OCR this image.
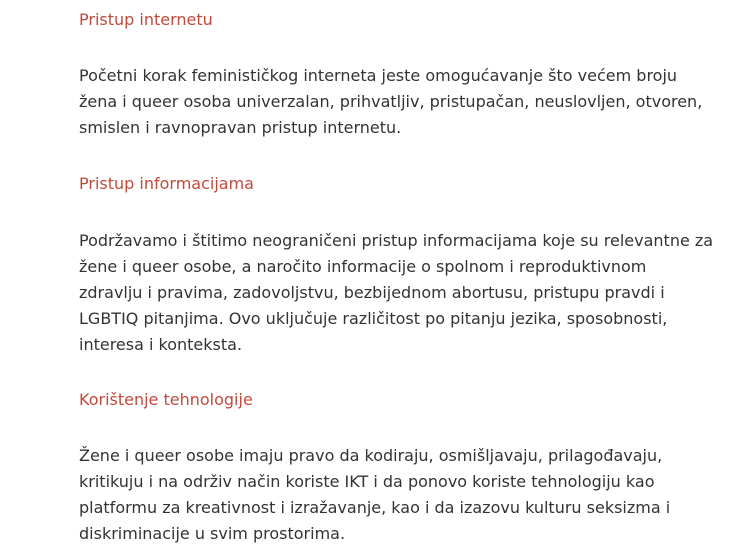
Pristup internetu

Početni korak feminističkog interneta jeste omogućavanje što većem broju
žena i queer osoba univerzalan, prihvatljiv, pristupačan, neuslovljen, otvoren,
smislen i ravnopravan pristup internetu.

Pristup informacijama

Podržavamo i štitimo neograničeni pristup informacijama koje su relevantne za
žene i queer osobe, a naročito informacije o spolnom i reproduktivnom
zdravlju i pravima, zadovoljstvu, bezbijednom abortusu, pristupu pravdi i
LGBTIQ pitanjima. Ovo uključuje različitost po pitanju jezika, sposobnosti,
interesa i konteksta.

Korištenje tehnologije

Žene i queer osobe imaju pravo da kodiraju, osmišljavaju, prilagođavaju,
kritikuju i na održiv način koriste IKT i da ponovo koriste tehnologiju kao
platformu za kreativnost i izražavanje, kao i da izazovu kulturu seksizma i
diskriminacije u svim prostorima.
